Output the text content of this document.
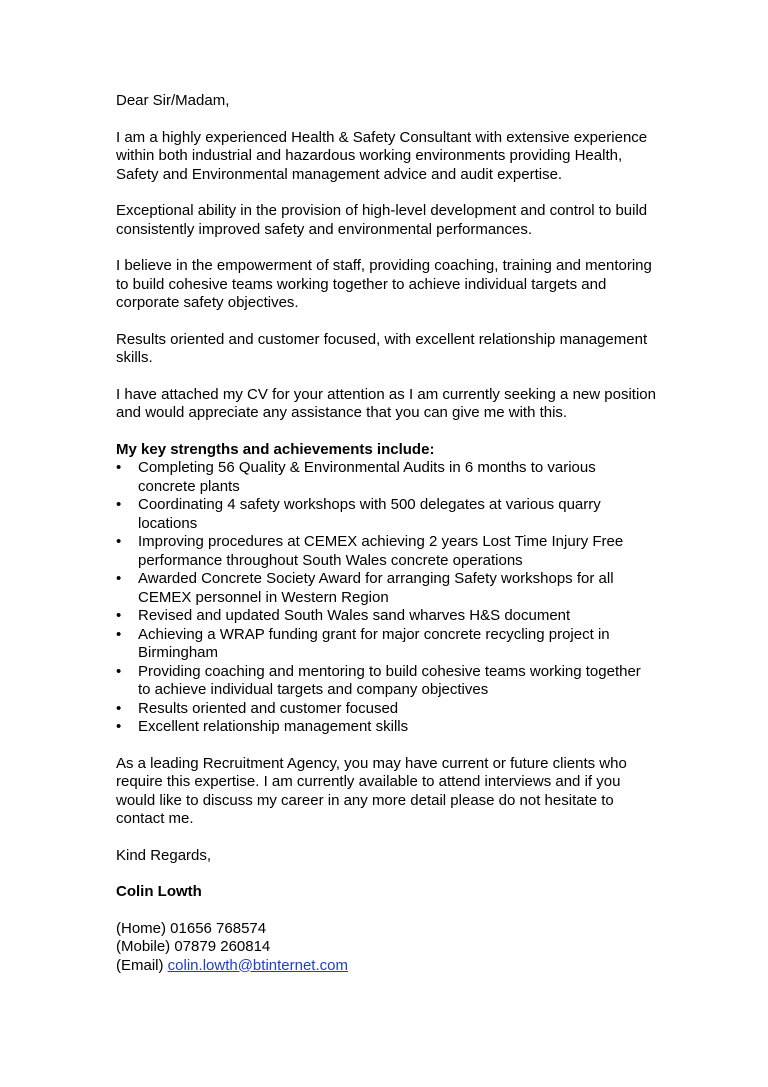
Dear Sir/Madam,

I am a highly experienced Health & Safety Consultant with extensive experience within both industrial and hazardous working environments providing Health, Safety and Environmental management advice and audit expertise.

Exceptional ability in the provision of high-level development and control to build consistently improved safety and environmental performances.

I believe in the empowerment of staff, providing coaching, training and mentoring to build cohesive teams working together to achieve individual targets and corporate safety objectives.

Results oriented and customer focused, with excellent relationship management skills.

I have attached my CV for your attention as I am currently seeking a new position and would appreciate any assistance that you can give me with this.

My key strengths and achievements include:

•	Completing 56 Quality & Environmental Audits in 6 months to various concrete plants
•	Coordinating 4 safety workshops with 500 delegates at various quarry locations
•	Improving procedures at CEMEX achieving 2 years Lost Time Injury Free performance throughout South Wales concrete operations
•	Awarded Concrete Society Award for arranging Safety workshops for all CEMEX personnel in Western Region
•	Revised and updated South Wales sand wharves H&S document
•	Achieving a WRAP funding grant for major concrete recycling project in Birmingham
•	Providing coaching and mentoring to build cohesive teams working together to achieve individual targets and company objectives
•	Results oriented and customer focused
•	Excellent relationship management skills

As a leading Recruitment Agency, you may have current or future clients who require this expertise. I am currently available to attend interviews and if you would like to discuss my career in any more detail please do not hesitate to contact me.

Kind Regards,

Colin Lowth

(Home) 01656 768574

(Mobile) 07879 260814

(Email) colin.lowth@btinternet.com
